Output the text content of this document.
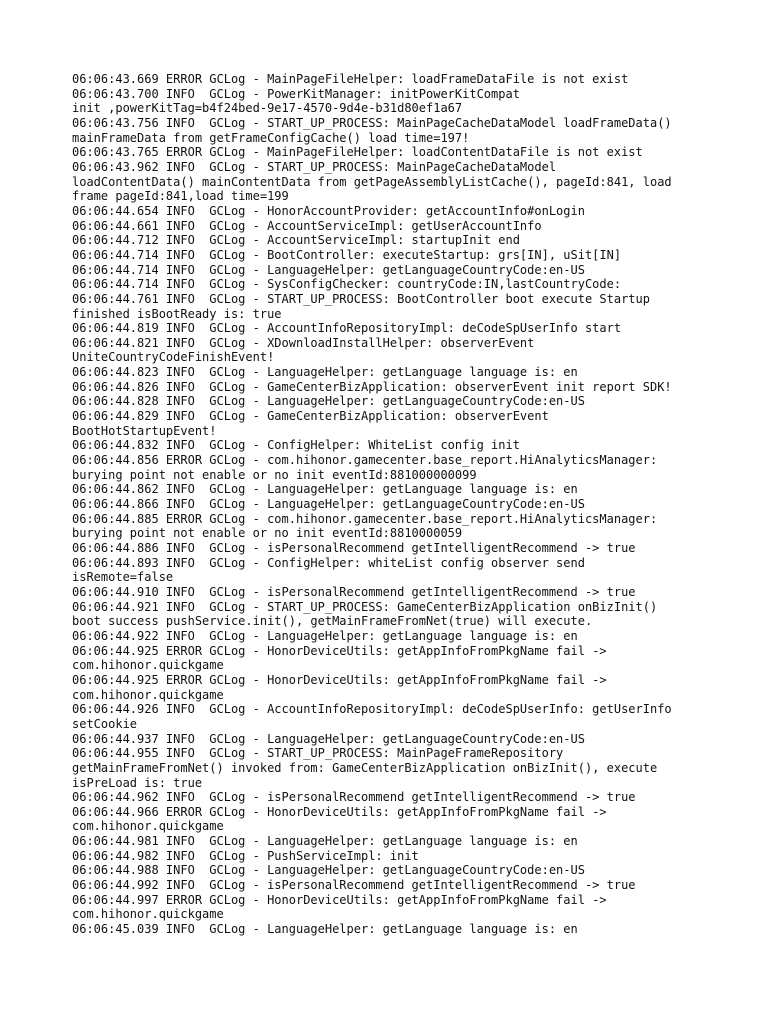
06:06:43.669 ERROR GCLog - MainPageFileHelper: loadFrameDataFile is not exist

06:06:43.700 INFO  GCLog - PowerKitManager: initPowerKitCompat

init ,powerKitTag=b4f24bed-9e17-4570-9d4e-b31d80ef1a67

06:06:43.756 INFO  GCLog - START_UP_PROCESS: MainPageCacheDataModel loadFrameData()

mainFrameData from getFrameConfigCache() load time=197!

06:06:43.765 ERROR GCLog - MainPageFileHelper: loadContentDataFile is not exist

06:06:43.962 INFO  GCLog - START_UP_PROCESS: MainPageCacheDataModel

loadContentData() mainContentData from getPageAssemblyListCache(), pageId:841, load

frame pageId:841,load time=199

06:06:44.654 INFO  GCLog - HonorAccountProvider: getAccountInfo#onLogin

06:06:44.661 INFO  GCLog - AccountServiceImpl: getUserAccountInfo

06:06:44.712 INFO  GCLog - AccountServiceImpl: startupInit end

06:06:44.714 INFO  GCLog - BootController: executeStartup: grs[IN], uSit[IN]

06:06:44.714 INFO  GCLog - LanguageHelper: getLanguageCountryCode:en-US

06:06:44.714 INFO  GCLog - SysConfigChecker: countryCode:IN,lastCountryCode:

06:06:44.761 INFO  GCLog - START_UP_PROCESS: BootController boot execute Startup

finished isBootReady is: true

06:06:44.819 INFO  GCLog - AccountInfoRepositoryImpl: deCodeSpUserInfo start

06:06:44.821 INFO  GCLog - XDownloadInstallHelper: observerEvent

UniteCountryCodeFinishEvent!

06:06:44.823 INFO  GCLog - LanguageHelper: getLanguage language is: en

06:06:44.826 INFO  GCLog - GameCenterBizApplication: observerEvent init report SDK!

06:06:44.828 INFO  GCLog - LanguageHelper: getLanguageCountryCode:en-US

06:06:44.829 INFO  GCLog - GameCenterBizApplication: observerEvent

BootHotStartupEvent!

06:06:44.832 INFO  GCLog - ConfigHelper: WhiteList config init

06:06:44.856 ERROR GCLog - com.hihonor.gamecenter.base_report.HiAnalyticsManager:

burying point not enable or no init eventId:881000000099

06:06:44.862 INFO  GCLog - LanguageHelper: getLanguage language is: en

06:06:44.866 INFO  GCLog - LanguageHelper: getLanguageCountryCode:en-US

06:06:44.885 ERROR GCLog - com.hihonor.gamecenter.base_report.HiAnalyticsManager:

burying point not enable or no init eventId:8810000059

06:06:44.886 INFO  GCLog - isPersonalRecommend getIntelligentRecommend -> true

06:06:44.893 INFO  GCLog - ConfigHelper: whiteList config observer send

isRemote=false

06:06:44.910 INFO  GCLog - isPersonalRecommend getIntelligentRecommend -> true

06:06:44.921 INFO  GCLog - START_UP_PROCESS: GameCenterBizApplication onBizInit()

boot success pushService.init(), getMainFrameFromNet(true) will execute.

06:06:44.922 INFO  GCLog - LanguageHelper: getLanguage language is: en

06:06:44.925 ERROR GCLog - HonorDeviceUtils: getAppInfoFromPkgName fail ->

com.hihonor.quickgame

06:06:44.925 ERROR GCLog - HonorDeviceUtils: getAppInfoFromPkgName fail ->

com.hihonor.quickgame

06:06:44.926 INFO  GCLog - AccountInfoRepositoryImpl: deCodeSpUserInfo: getUserInfo

setCookie

06:06:44.937 INFO  GCLog - LanguageHelper: getLanguageCountryCode:en-US

06:06:44.955 INFO  GCLog - START_UP_PROCESS: MainPageFrameRepository

getMainFrameFromNet() invoked from: GameCenterBizApplication onBizInit(), execute

isPreLoad is: true

06:06:44.962 INFO  GCLog - isPersonalRecommend getIntelligentRecommend -> true

06:06:44.966 ERROR GCLog - HonorDeviceUtils: getAppInfoFromPkgName fail ->

com.hihonor.quickgame

06:06:44.981 INFO  GCLog - LanguageHelper: getLanguage language is: en

06:06:44.982 INFO  GCLog - PushServiceImpl: init

06:06:44.988 INFO  GCLog - LanguageHelper: getLanguageCountryCode:en-US

06:06:44.992 INFO  GCLog - isPersonalRecommend getIntelligentRecommend -> true

06:06:44.997 ERROR GCLog - HonorDeviceUtils: getAppInfoFromPkgName fail ->

com.hihonor.quickgame

06:06:45.039 INFO  GCLog - LanguageHelper: getLanguage language is: en
